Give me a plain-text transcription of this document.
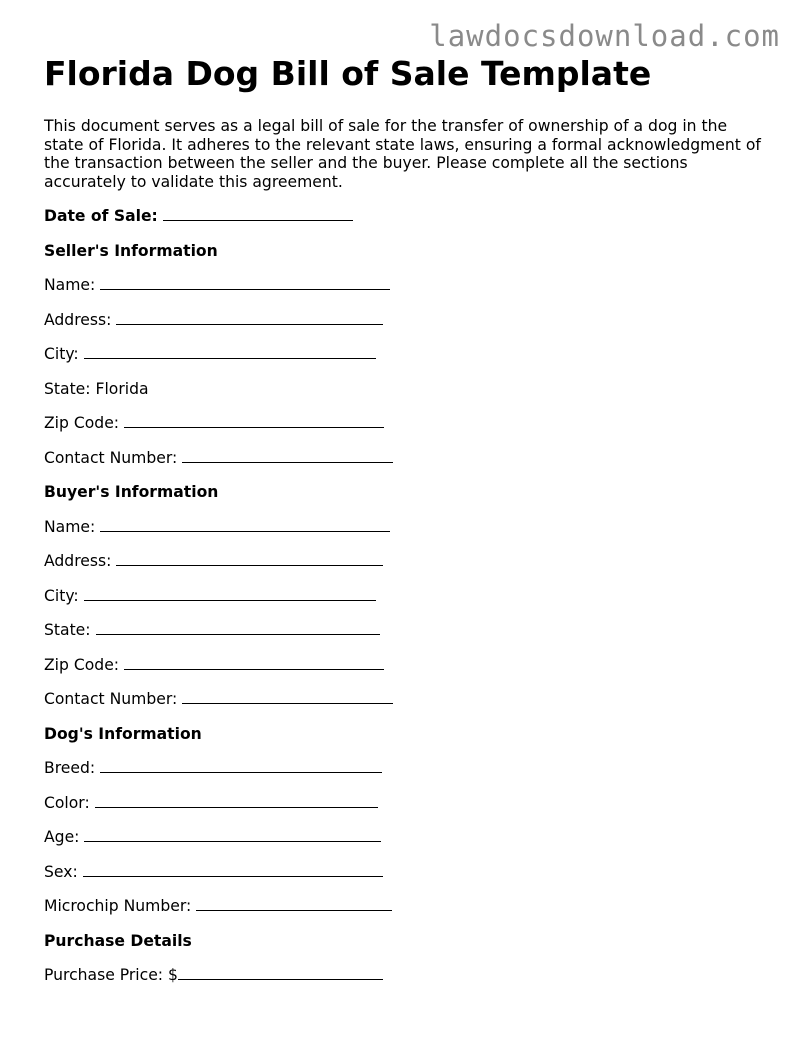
lawdocsdownload.com
Florida Dog Bill of Sale Template

This document serves as a legal bill of sale for the transfer of ownership of a dog in the state of Florida. It adheres to the relevant state laws, ensuring a formal acknowledgment of the transaction between the seller and the buyer. Please complete all the sections accurately to validate this agreement.

Date of Sale:
Seller's Information
Name:
Address:
City:
State: Florida
Zip Code:
Contact Number:
Buyer's Information
Name:
Address:
City:
State:
Zip Code:
Contact Number:
Dog's Information
Breed:
Color:
Age:
Sex:
Microchip Number:
Purchase Details
Purchase Price: $
